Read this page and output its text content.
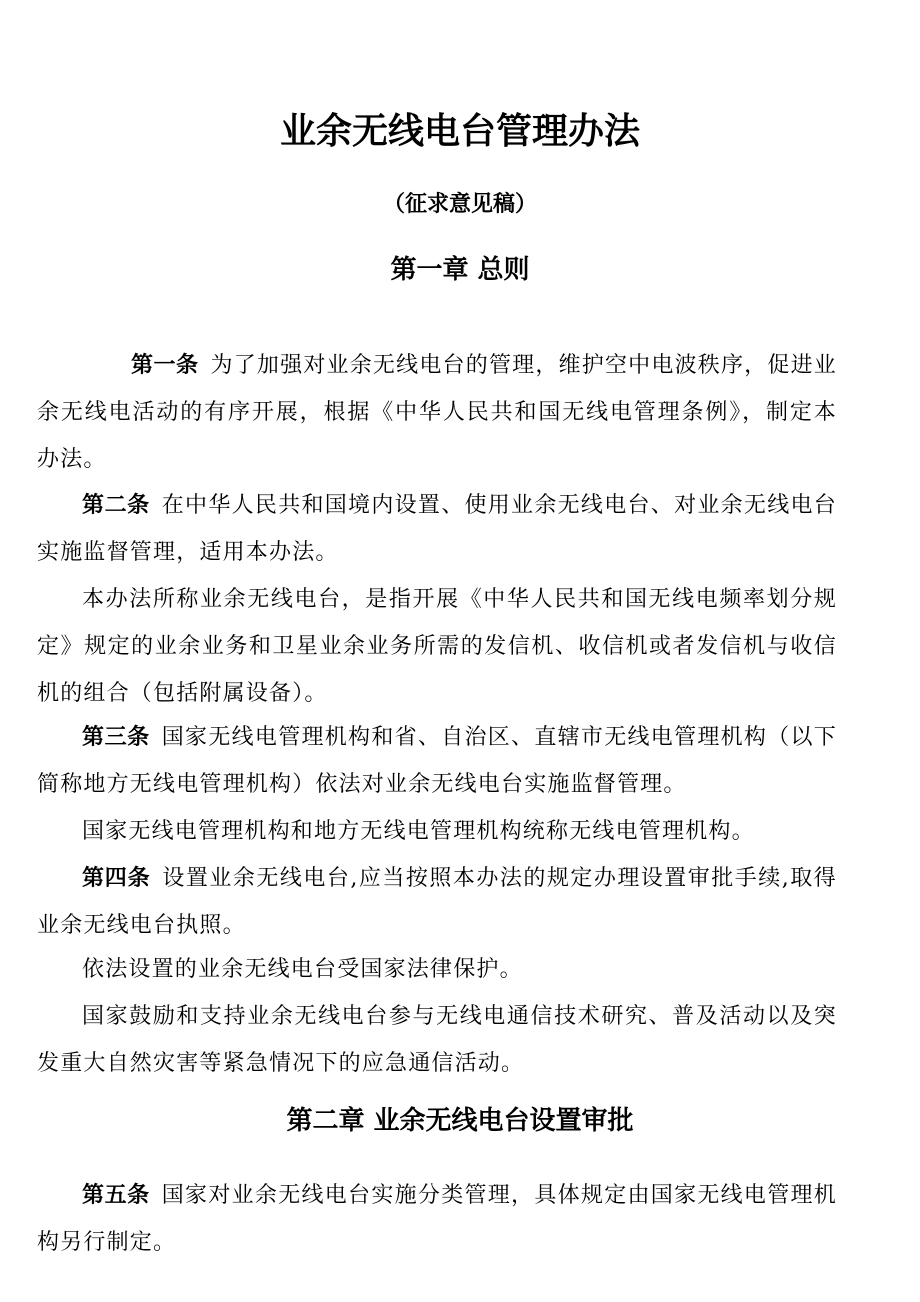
业余无线电台管理办法
（征求意见稿）
第一章 总则

第一条 为了加强对业余无线电台的管理，维护空中电波秩序，促进业余无线电活动的有序开展，根据《中华人民共和国无线电管理条例》，制定本办法。

第二条 在中华人民共和国境内设置、使用业余无线电台、对业余无线电台实施监督管理，适用本办法。

本办法所称业余无线电台，是指开展《中华人民共和国无线电频率划分规定》规定的业余业务和卫星业余业务所需的发信机、收信机或者发信机与收信机的组合（包括附属设备）。

第三条 国家无线电管理机构和省、自治区、直辖市无线电管理机构（以下简称地方无线电管理机构）依法对业余无线电台实施监督管理。

国家无线电管理机构和地方无线电管理机构统称无线电管理机构。

第四条 设置业余无线电台,应当按照本办法的规定办理设置审批手续,取得业余无线电台执照。

依法设置的业余无线电台受国家法律保护。

国家鼓励和支持业余无线电台参与无线电通信技术研究、普及活动以及突发重大自然灾害等紧急情况下的应急通信活动。

第二章 业余无线电台设置审批

第五条 国家对业余无线电台实施分类管理，具体规定由国家无线电管理机构另行制定。
